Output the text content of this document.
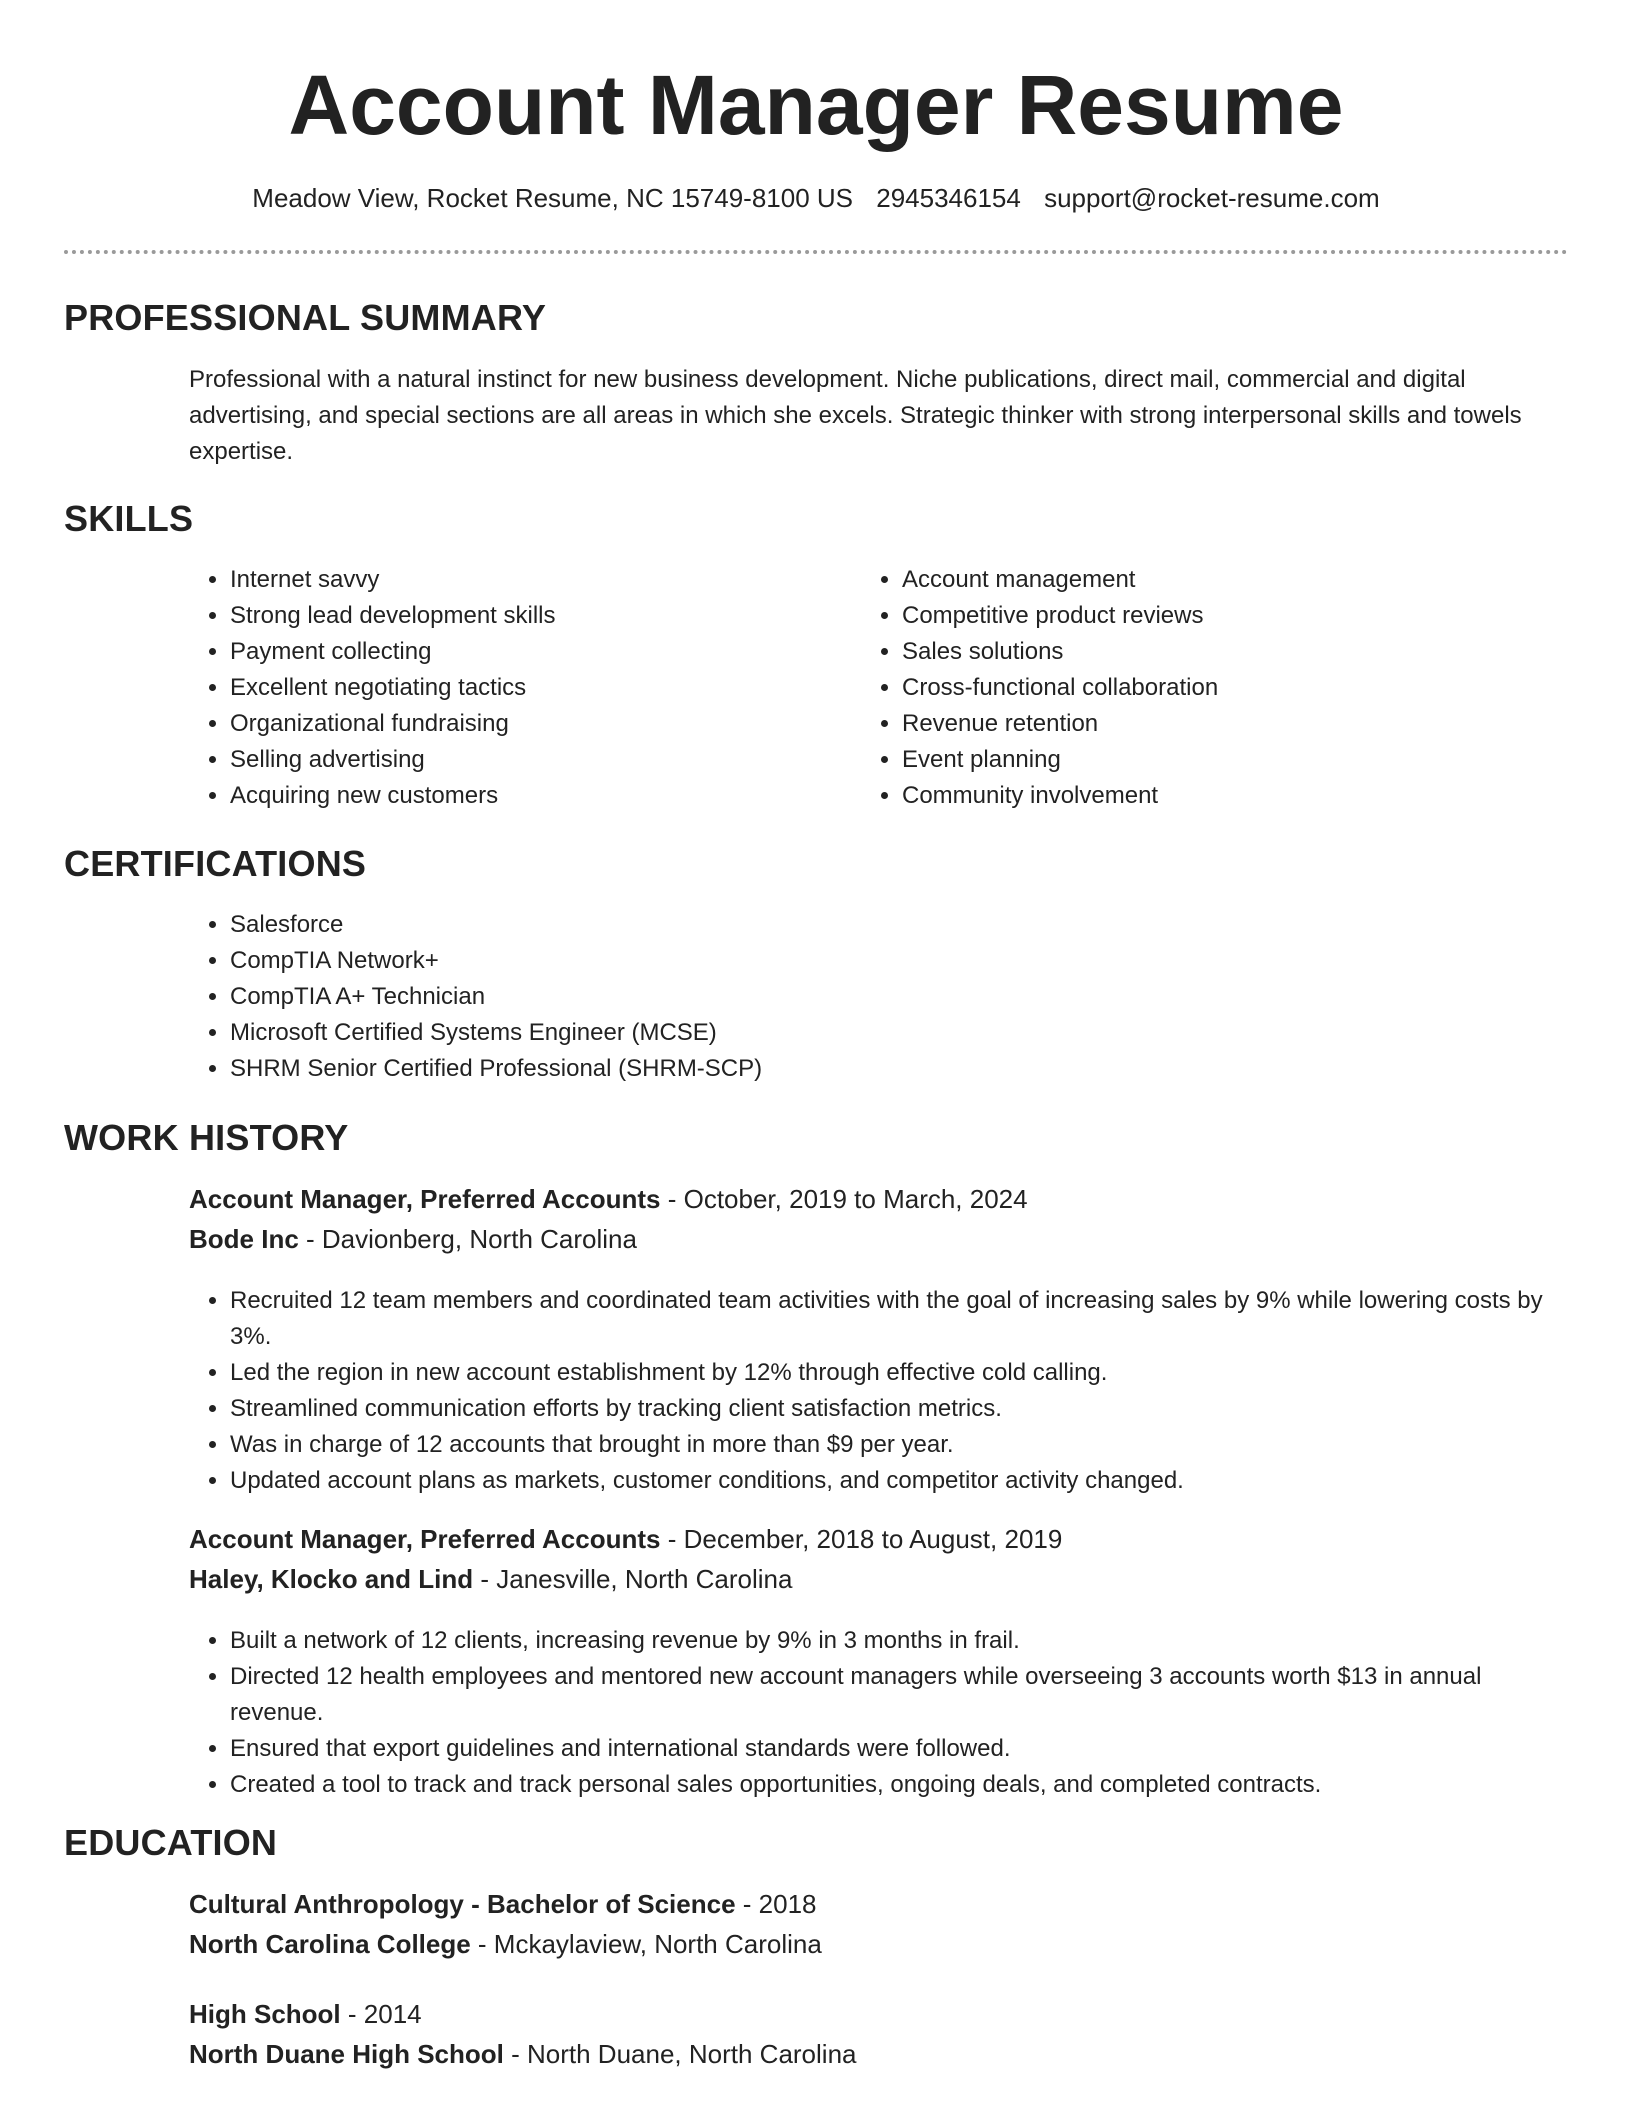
Account Manager Resume
Meadow View, Rocket Resume, NC 15749-8100 US 2945346154 support@rocket-resume.com
PROFESSIONAL SUMMARY
Professional with a natural instinct for new business development. Niche publications, direct mail, commercial and digital advertising, and special sections are all areas in which she excels. Strategic thinker with strong interpersonal skills and towels expertise.
SKILLS
• Internet savvy
• Strong lead development skills
• Payment collecting
• Excellent negotiating tactics
• Organizational fundraising
• Selling advertising
• Acquiring new customers
• Account management
• Competitive product reviews
• Sales solutions
• Cross-functional collaboration
• Revenue retention
• Event planning
• Community involvement
CERTIFICATIONS
• Salesforce
• CompTIA Network+
• CompTIA A+ Technician
• Microsoft Certified Systems Engineer (MCSE)
• SHRM Senior Certified Professional (SHRM-SCP)
WORK HISTORY
Account Manager, Preferred Accounts - October, 2019 to March, 2024
Bode Inc - Davionberg, North Carolina
• Recruited 12 team members and coordinated team activities with the goal of increasing sales by 9% while lowering costs by 3%.
• Led the region in new account establishment by 12% through effective cold calling.
• Streamlined communication efforts by tracking client satisfaction metrics.
• Was in charge of 12 accounts that brought in more than $9 per year.
• Updated account plans as markets, customer conditions, and competitor activity changed.
Account Manager, Preferred Accounts - December, 2018 to August, 2019
Haley, Klocko and Lind - Janesville, North Carolina
• Built a network of 12 clients, increasing revenue by 9% in 3 months in frail.
• Directed 12 health employees and mentored new account managers while overseeing 3 accounts worth $13 in annual revenue.
• Ensured that export guidelines and international standards were followed.
• Created a tool to track and track personal sales opportunities, ongoing deals, and completed contracts.
EDUCATION
Cultural Anthropology - Bachelor of Science - 2018
North Carolina College - Mckaylaview, North Carolina
High School - 2014
North Duane High School - North Duane, North Carolina
